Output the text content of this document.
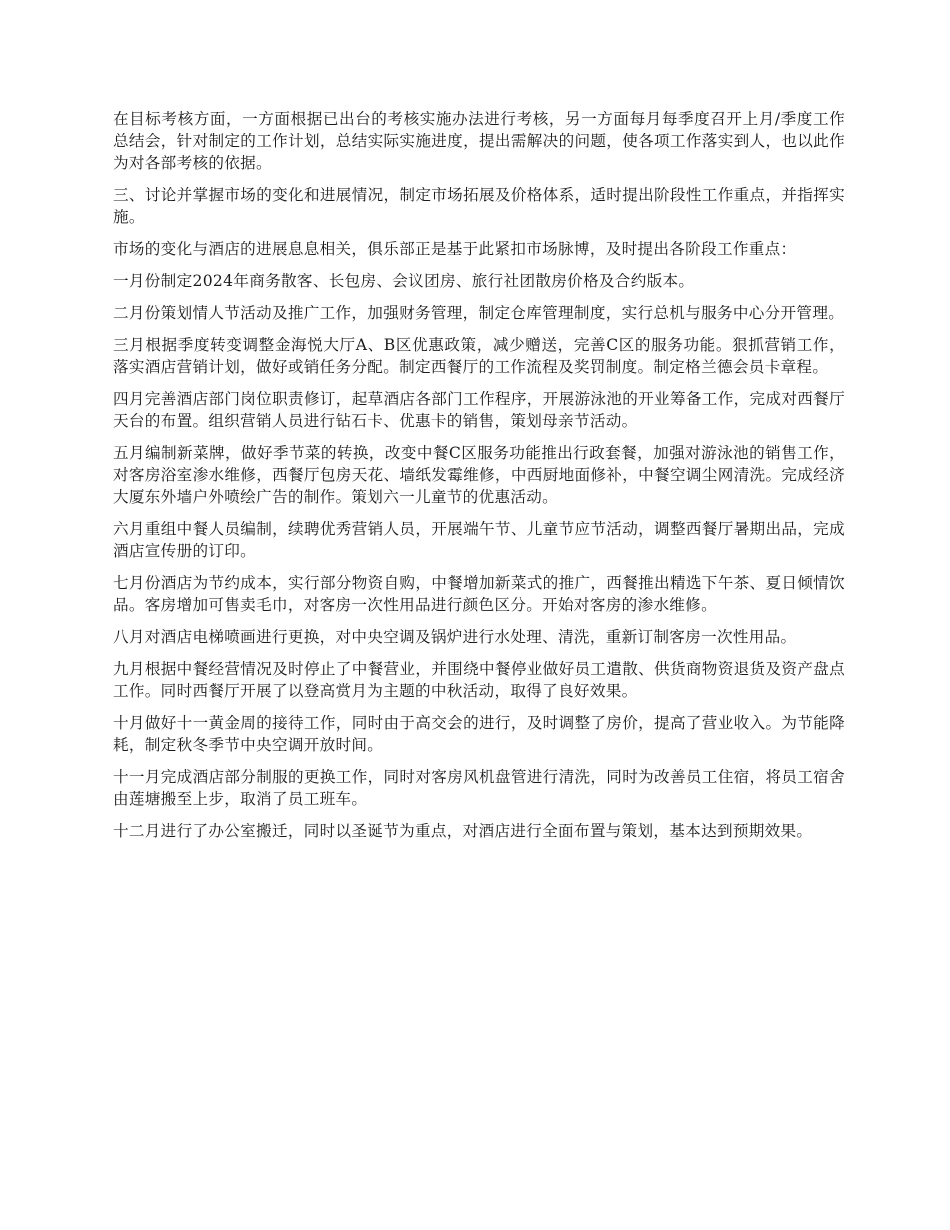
在目标考核方面，一方面根据已出台的考核实施办法进行考核，另一方面每月每季度召开上月/季度工作总结会，针对制定的工作计划，总结实际实施进度，提出需解决的问题，使各项工作落实到人，也以此作为对各部考核的依据。

三、讨论并掌握市场的变化和进展情况，制定市场拓展及价格体系，适时提出阶段性工作重点，并指挥实施。

市场的变化与酒店的进展息息相关，俱乐部正是基于此紧扣市场脉博，及时提出各阶段工作重点：

一月份制定2024年商务散客、长包房、会议团房、旅行社团散房价格及合约版本。

二月份策划情人节活动及推广工作，加强财务管理，制定仓库管理制度，实行总机与服务中心分开管理。

三月根据季度转变调整金海悦大厅A、B区优惠政策，减少赠送，完善C区的服务功能。狠抓营销工作，落实酒店营销计划，做好或销任务分配。制定西餐厅的工作流程及奖罚制度。制定格兰德会员卡章程。

四月完善酒店部门岗位职责修订，起草酒店各部门工作程序，开展游泳池的开业筹备工作，完成对西餐厅天台的布置。组织营销人员进行钻石卡、优惠卡的销售，策划母亲节活动。

五月编制新菜牌，做好季节菜的转换，改变中餐C区服务功能推出行政套餐，加强对游泳池的销售工作，对客房浴室渗水维修，西餐厅包房天花、墙纸发霉维修，中西厨地面修补，中餐空调尘网清洗。完成经济大厦东外墙户外喷绘广告的制作。策划六一儿童节的优惠活动。

六月重组中餐人员编制，续聘优秀营销人员，开展端午节、儿童节应节活动，调整西餐厅暑期出品，完成酒店宣传册的订印。

七月份酒店为节约成本，实行部分物资自购，中餐增加新菜式的推广，西餐推出精选下午茶、夏日倾情饮品。客房增加可售卖毛巾，对客房一次性用品进行颜色区分。开始对客房的渗水维修。

八月对酒店电梯喷画进行更换，对中央空调及锅炉进行水处理、清洗，重新订制客房一次性用品。

九月根据中餐经营情况及时停止了中餐营业，并围绕中餐停业做好员工遣散、供货商物资退货及资产盘点工作。同时西餐厅开展了以登高赏月为主题的中秋活动，取得了良好效果。

十月做好十一黄金周的接待工作，同时由于高交会的进行，及时调整了房价，提高了营业收入。为节能降耗，制定秋冬季节中央空调开放时间。

十一月完成酒店部分制服的更换工作，同时对客房风机盘管进行清洗，同时为改善员工住宿，将员工宿舍由莲塘搬至上步，取消了员工班车。

十二月进行了办公室搬迁，同时以圣诞节为重点，对酒店进行全面布置与策划，基本达到预期效果。
